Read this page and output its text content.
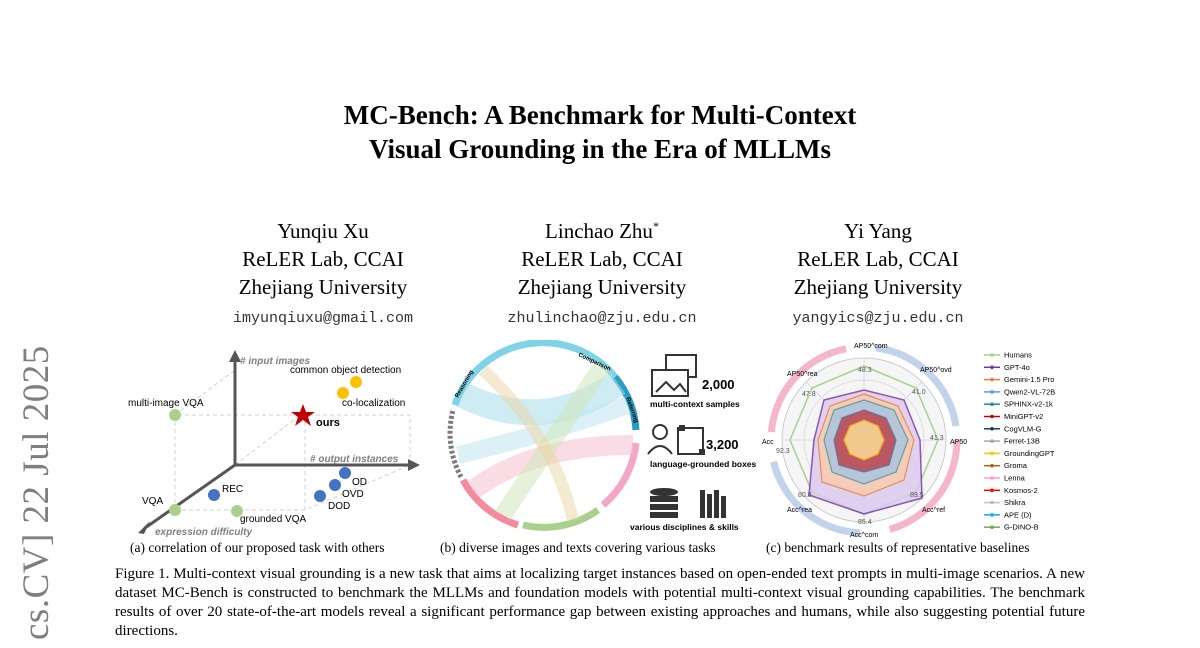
cs.CV] 22 Jul 2025
MC-Bench: A Benchmark for Multi-Context
Visual Grounding in the Era of MLLMs
Yunqiu Xu
ReLER Lab, CCAI
Zhejiang University
imyunqiuxu@gmail.com
Linchao Zhu*
ReLER Lab, CCAI
Zhejiang University
zhulinchao@zju.edu.cn
Yi Yang
ReLER Lab, CCAI
Zhejiang University
yangyics@zju.edu.cn
# input images
# output instances
expression difficulty
multi-image VQA
common object detection
co-localization
ours
OD
OVD
DOD
REC
VQA
grounded VQA
Reasoning
Comparison
Referring
2,000
multi-context samples
3,200
language-grounded boxes
various disciplines & skills
AP50^com
AP50^ovd
AP50
Acc^ref
Acc^com
Acc^rea
Acc
AP50^rea
48.3
41.0
41.3
89.5
85.4
80.8
92.3
47.8
Humans
GPT-4o
Gemini-1.5 Pro
Qwen2-VL-72B
SPHINX-v2-1k
MiniGPT-v2
CogVLM-G
Ferret-13B
GroundingGPT
Groma
Lenna
Kosmos-2
Shikra
APE (D)
G-DINO-B
(a) correlation of our proposed task with others	(b) diverse images and texts covering various tasks	(c) benchmark results of representative baselines
Figure 1. Multi-context visual grounding is a new task that aims at localizing target instances based on open-ended text prompts in multi-image scenarios. A new dataset MC-Bench is constructed to benchmark the MLLMs and foundation models with potential multi-context visual grounding capabilities. The benchmark results of over 20 state-of-the-art models reveal a significant performance gap between existing approaches and humans, while also suggesting potential future directions.
